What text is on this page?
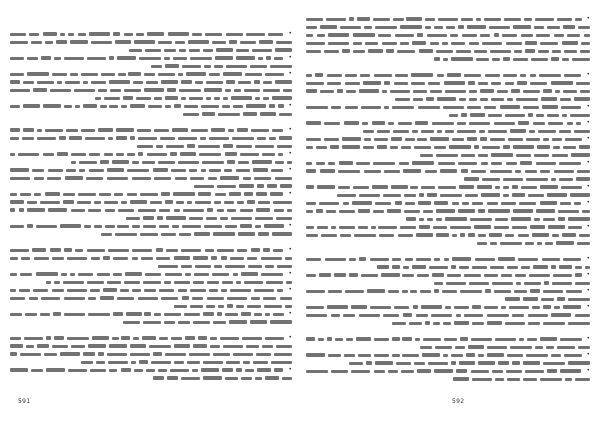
•
•
•
•
•
•
•
•
•
•
•
•
•
•
•
591
•
•
•
•
•
•
•
•
•
•
•
•
•
•
•
•
592
